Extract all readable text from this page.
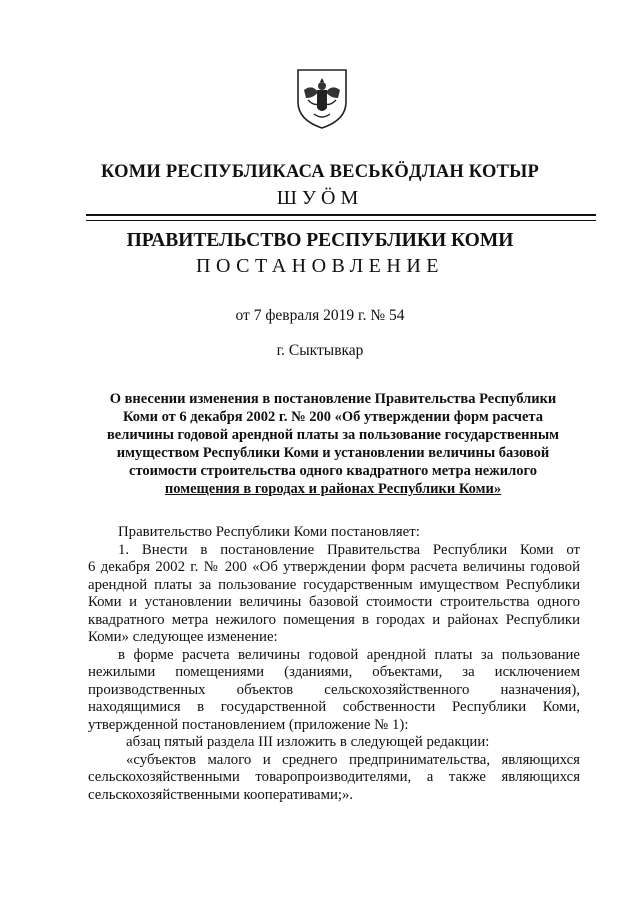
КОМИ РЕСПУБЛИКАСА ВЕСЬКÖДЛАН КОТЫР
ШУÖМ
ПРАВИТЕЛЬСТВО РЕСПУБЛИКИ КОМИ
ПОСТАНОВЛЕНИЕ
от 7 февраля 2019 г. № 54
г. Сыктывкар
О внесении изменения в постановление Правительства Республики
Коми от 6 декабря 2002 г. № 200 «Об утверждении форм расчета
величины годовой арендной платы за пользование государственным
имуществом Республики Коми и установлении величины базовой
стоимости строительства одного квадратного метра нежилого
помещения в городах и районах Республики Коми»

Правительство Республики Коми постановляет:

1. Внести в постановление Правительства Республики Коми от

6 декабря 2002 г. № 200 «Об утверждении форм расчета величины годовой арендной платы за пользование государственным имуществом Республики Коми и установлении величины базовой стоимости строительства одного квадратного метра нежилого помещения в городах и районах Республики Коми» следующее изменение:

в форме расчета величины годовой арендной платы за пользование

нежилыми помещениями (зданиями, объектами, за исключением производственных объектов сельскохозяйственного назначения), находящимися в государственной собственности Республики Коми, утвержденной постановлением (приложение № 1):

абзац пятый раздела III изложить в следующей редакции:

«субъектов малого и среднего предпринимательства, являющихся

сельскохозяйственными товаропроизводителями, а также являющихся сельскохозяйственными кооперативами;».
